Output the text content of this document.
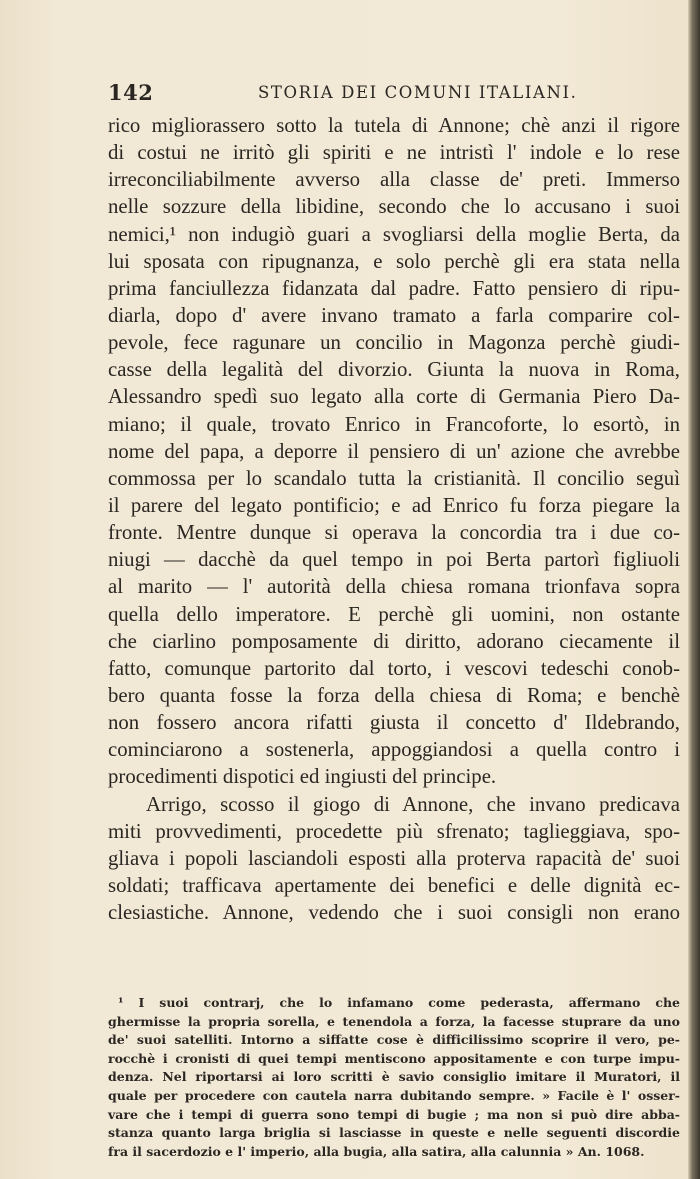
142	STORIA DEI COMUNI ITALIANI.
rico migliorassero sotto la tutela di Annone; chè anzi il rigore
di costui ne irritò gli spiriti e ne intristì l' indole e lo rese
irreconciliabilmente avverso alla classe de' preti. Immerso
nelle sozzure della libidine, secondo che lo accusano i suoi
nemici,¹ non indugiò guari a svogliarsi della moglie Berta, da
lui sposata con ripugnanza, e solo perchè gli era stata nella
prima fanciullezza fidanzata dal padre. Fatto pensiero di ripu-
diarla, dopo d' avere invano tramato a farla comparire col-
pevole, fece ragunare un concilio in Magonza perchè giudi-
casse della legalità del divorzio. Giunta la nuova in Roma,
Alessandro spedì suo legato alla corte di Germania Piero Da-
miano; il quale, trovato Enrico in Francoforte, lo esortò, in
nome del papa, a deporre il pensiero di un' azione che avrebbe
commossa per lo scandalo tutta la cristianità. Il concilio seguì
il parere del legato pontificio; e ad Enrico fu forza piegare la
fronte. Mentre dunque si operava la concordia tra i due co-
niugi — dacchè da quel tempo in poi Berta partorì figliuoli
al marito — l' autorità della chiesa romana trionfava sopra
quella dello imperatore. E perchè gli uomini, non ostante
che ciarlino pomposamente di diritto, adorano ciecamente il
fatto, comunque partorito dal torto, i vescovi tedeschi conob-
bero quanta fosse la forza della chiesa di Roma; e benchè
non fossero ancora rifatti giusta il concetto d' Ildebrando,
cominciarono a sostenerla, appoggiandosi a quella contro i
procedimenti dispotici ed ingiusti del principe.
Arrigo, scosso il giogo di Annone, che invano predicava
miti provvedimenti, procedette più sfrenato; taglieggiava, spo-
gliava i popoli lasciandoli esposti alla proterva rapacità de' suoi
soldati; trafficava apertamente dei benefici e delle dignità ec-
clesiastiche. Annone, vedendo che i suoi consigli non erano
¹ I suoi contrarj, che lo infamano come pederasta, affermano che
ghermisse la propria sorella, e tenendola a forza, la facesse stuprare da uno
de' suoi satelliti. Intorno a siffatte cose è difficilissimo scoprire il vero, pe-
rocchè i cronisti di quei tempi mentiscono appositamente e con turpe impu-
denza. Nel riportarsi ai loro scritti è savio consiglio imitare il Muratori, il
quale per procedere con cautela narra dubitando sempre. » Facile è l' osser-
vare che i tempi di guerra sono tempi di bugie ; ma non si può dire abba-
stanza quanto larga briglia si lasciasse in queste e nelle seguenti discordie
fra il sacerdozio e l' imperio, alla bugia, alla satira, alla calunnia » An. 1068.
